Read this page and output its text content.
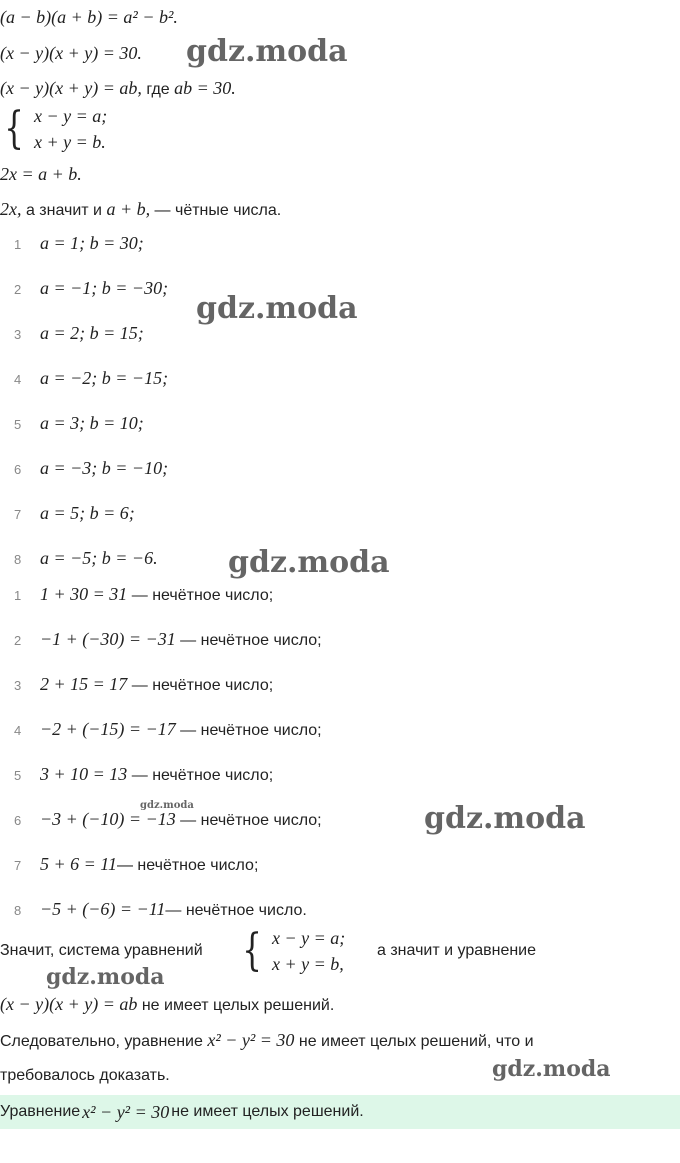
(a − b)(a + b) = a² − b².
(x − y)(x + y) = 30.
(x − y)(x + y) = ab, где ab = 30.
{ x − y = a;
x + y = b.
2x = a + b.
2x, а значит и a + b, — чётные числа.
1 a = 1; b = 30;
2 a = −1; b = −30;
3 a = 2; b = 15;
4 a = −2; b = −15;
5 a = 3; b = 10;
6 a = −3; b = −10;
7 a = 5; b = 6;
8 a = −5; b = −6.
1 1 + 30 = 31 — нечётное число;
2 −1 + (−30) = −31 — нечётное число;
3 2 + 15 = 17 — нечётное число;
4 −2 + (−15) = −17 — нечётное число;
5 3 + 10 = 13 — нечётное число;
6 −3 + (−10) = −13 — нечётное число;
7 5 + 6 = 11— нечётное число;
8 −5 + (−6) = −11— нечётное число.
Значит, система уравнений { x − y = a;
x + y = b,
а значит и уравнение
(x − y)(x + y) = ab не имеет целых решений.
Следовательно, уравнение x² − y² = 30 не имеет целых решений, что и
требовалось доказать.
Уравнение x² − y² = 30 не имеет целых решений.
gdz.moda
gdz.moda
gdz.moda
gdz.moda	gdz.moda
gdz.moda
gdz.moda
